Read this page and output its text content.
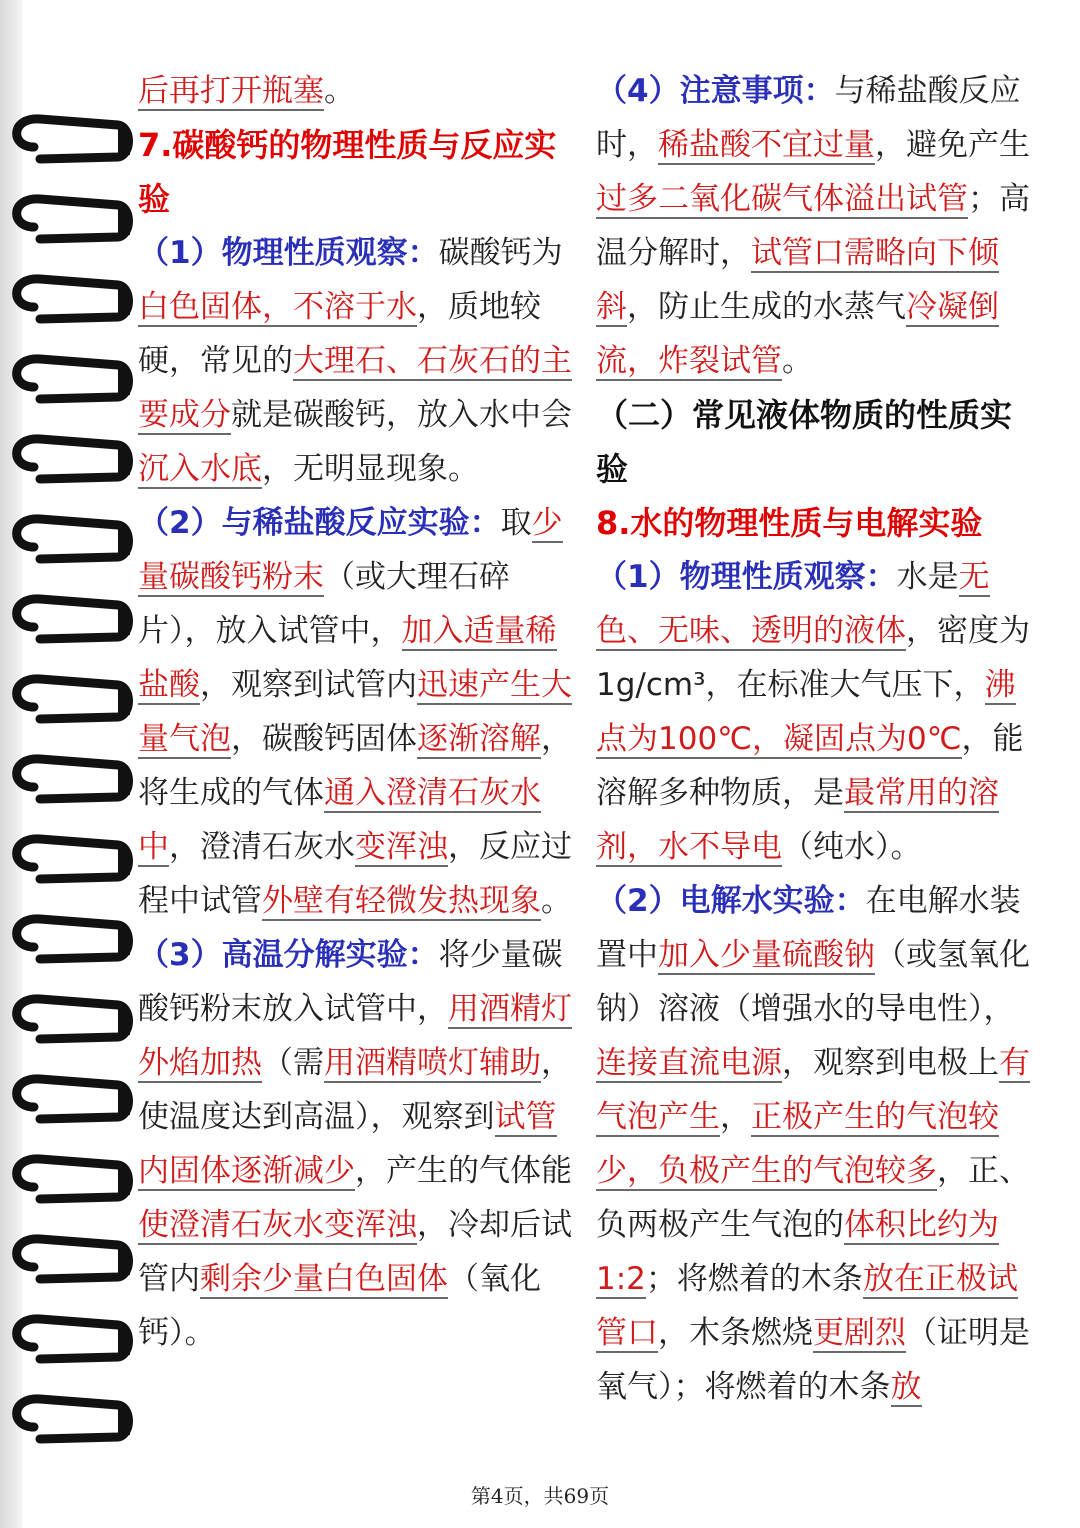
后再打开瓶塞。

7.碳酸钙的物理性质与反应实验

（1）物理性质观察：碳酸钙为白色固体，不溶于水，质地较硬，常见的大理石、石灰石的主要成分就是碳酸钙，放入水中会沉入水底，无明显现象。

（2）与稀盐酸反应实验：取少量碳酸钙粉末（或大理石碎片），放入试管中，加入适量稀盐酸，观察到试管内迅速产生大量气泡，碳酸钙固体逐渐溶解，将生成的气体通入澄清石灰水中，澄清石灰水变浑浊，反应过程中试管外壁有轻微发热现象。

（3）高温分解实验：将少量碳酸钙粉末放入试管中，用酒精灯外焰加热（需用酒精喷灯辅助，使温度达到高温），观察到试管内固体逐渐减少，产生的气体能使澄清石灰水变浑浊，冷却后试管内剩余少量白色固体（氧化钙）。

（4）注意事项：与稀盐酸反应时，稀盐酸不宜过量，避免产生过多二氧化碳气体溢出试管；高温分解时，试管口需略向下倾斜，防止生成的水蒸气冷凝倒流，炸裂试管。

（二）常见液体物质的性质实验

8.水的物理性质与电解实验

（1）物理性质观察：水是无色、无味、透明的液体，密度为1g/cm³，在标准大气压下，沸点为100℃，凝固点为0℃，能溶解多种物质，是最常用的溶剂，水不导电（纯水）。

（2）电解水实验：在电解水装置中加入少量硫酸钠（或氢氧化钠）溶液（增强水的导电性），连接直流电源，观察到电极上有气泡产生，正极产生的气泡较少，负极产生的气泡较多，正、负两极产生气泡的体积比约为1:2；将燃着的木条放在正极试管口，木条燃烧更剧烈（证明是氧气）；将燃着的木条放

第4页，共69页
